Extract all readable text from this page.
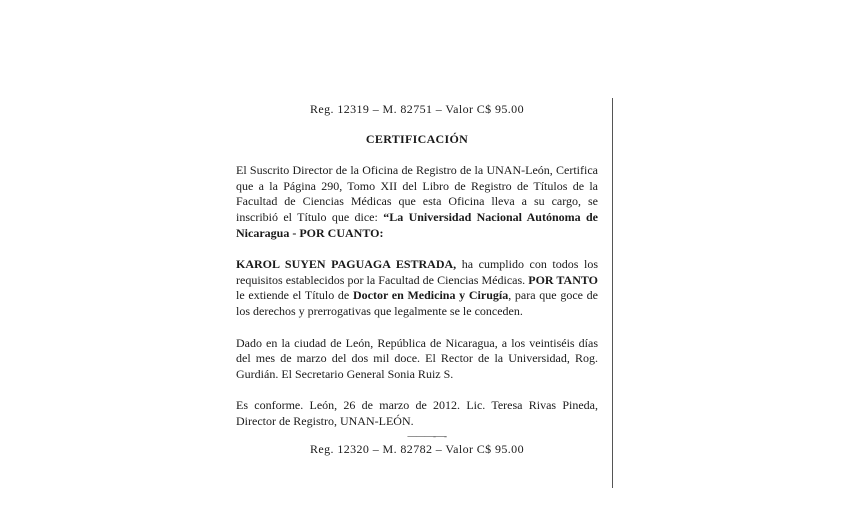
Reg. 12319 – M. 82751 – Valor C$ 95.00

CERTIFICACIÓN

El Suscrito Director de la Oficina de Registro de la UNAN-León, Certifica que a la Página 290, Tomo XII del Libro de Registro de Títulos de la Facultad de Ciencias Médicas que esta Oficina lleva a su cargo, se inscribió el Título que dice: “La Universidad Nacional Autónoma de Nicaragua - POR CUANTO:

KAROL SUYEN PAGUAGA ESTRADA, ha cumplido con todos los requisitos establecidos por la Facultad de Ciencias Médicas. POR TANTO le extiende el Título de Doctor en Medicina y Cirugía, para que goce de los derechos y prerrogativas que legalmente se le conceden.

Dado en la ciudad de León, República de Nicaragua, a los veintiséis días del mes de marzo del dos mil doce. El Rector de la Universidad, Rog. Gurdián. El Secretario General Sonia Ruiz S.

Es conforme. León, 26 de marzo de 2012. Lic. Teresa Rivas Pineda, Director de Registro, UNAN-LEÓN.

———-—-

Reg. 12320 – M. 82782 – Valor C$ 95.00
